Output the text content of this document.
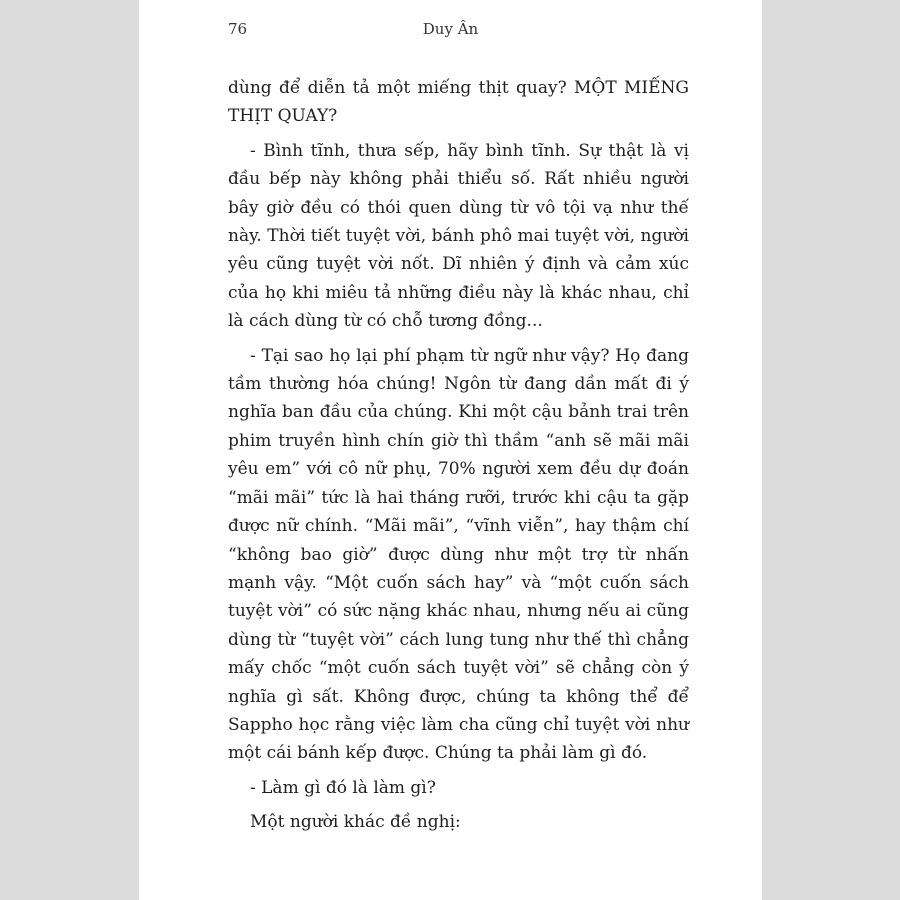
76	Duy Ân

dùng để diễn tả một miếng thịt quay? MỘT MIẾNG THỊT QUAY?

- Bình tĩnh, thưa sếp, hãy bình tĩnh. Sự thật là vị đầu bếp này không phải thiểu số. Rất nhiều người bây giờ đều có thói quen dùng từ vô tội vạ như thế này. Thời tiết tuyệt vời, bánh phô mai tuyệt vời, người yêu cũng tuyệt vời nốt. Dĩ nhiên ý định và cảm xúc của họ khi miêu tả những điều này là khác nhau, chỉ là cách dùng từ có chỗ tương đồng...

- Tại sao họ lại phí phạm từ ngữ như vậy? Họ đang tầm thường hóa chúng! Ngôn từ đang dần mất đi ý nghĩa ban đầu của chúng. Khi một cậu bảnh trai trên phim truyền hình chín giờ thì thầm “anh sẽ mãi mãi yêu em” với cô nữ phụ, 70% người xem đều dự đoán “mãi mãi” tức là hai tháng rưỡi, trước khi cậu ta gặp được nữ chính. “Mãi mãi”, “vĩnh viễn”, hay thậm chí “không bao giờ” được dùng như một trợ từ nhấn mạnh vậy. “Một cuốn sách hay” và “một cuốn sách tuyệt vời” có sức nặng khác nhau, nhưng nếu ai cũng dùng từ “tuyệt vời” cách lung tung như thế thì chẳng mấy chốc “một cuốn sách tuyệt vời” sẽ chẳng còn ý nghĩa gì sất. Không được, chúng ta không thể để Sappho học rằng việc làm cha cũng chỉ tuyệt vời như một cái bánh kếp được. Chúng ta phải làm gì đó.

- Làm gì đó là làm gì?

Một người khác đề nghị:
